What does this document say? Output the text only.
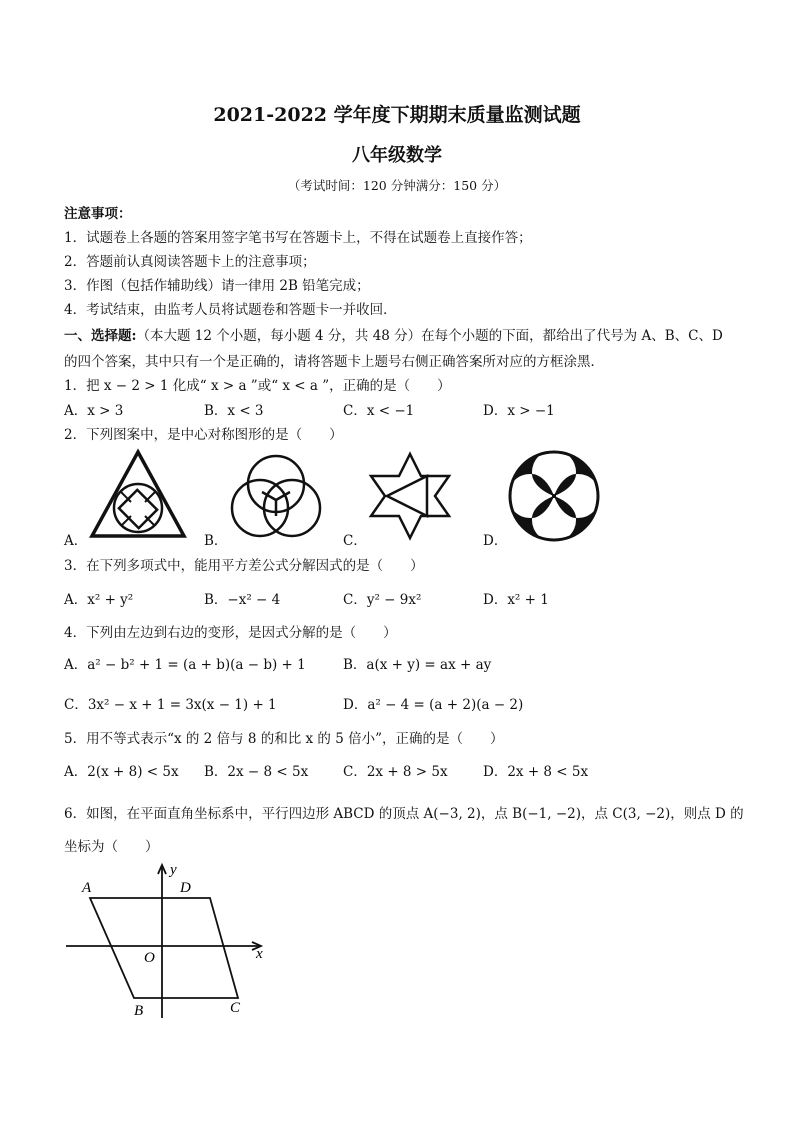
2021-2022 学年度下期期末质量监测试题
八年级数学
（考试时间：120 分钟满分：150 分）
注意事项：
1．试题卷上各题的答案用签字笔书写在答题卡上，不得在试题卷上直接作答；
2．答题前认真阅读答题卡上的注意事项；
3．作图（包括作辅助线）请一律用 2B 铅笔完成；
4．考试结束，由监考人员将试题卷和答题卡一并收回．
一、选择题:（本大题 12 个小题，每小题 4 分，共 48 分）在每个小题的下面，都给出了代号为 A、B、C、D
的四个答案，其中只有一个是正确的，请将答题卡上题号右侧正确答案所对应的方框涂黑．
1．把 x − 2 > 1 化成“ x > a ”或“ x < a ”，正确的是（　　）
A．x > 3	B．x < 3	C．x < −1	D．x > −1
2．下列图案中，是中心对称图形的是（　　）
A．	B．	C．	D．
3．在下列多项式中，能用平方差公式分解因式的是（　　）
A．x² + y²	B．−x² − 4	C．y² − 9x²	D．x² + 1
4．下列由左边到右边的变形，是因式分解的是（　　）
A．a² − b² + 1 = (a + b)(a − b) + 1	B．a(x + y) = ax + ay
C．3x² − x + 1 = 3x(x − 1) + 1	D．a² − 4 = (a + 2)(a − 2)
5．用不等式表示“x 的 2 倍与 8 的和比 x 的 5 倍小”，正确的是（　　）
A．2(x + 8) < 5x B．2x − 8 < 5x	C．2x + 8 > 5x	D．2x + 8 < 5x
6．如图，在平面直角坐标系中，平行四边形 ABCD 的顶点 A(−3, 2)，点 B(−1, −2)，点 C(3, −2)，则点 D 的
坐标为（　　）
A	D
B	C
O	x
y
